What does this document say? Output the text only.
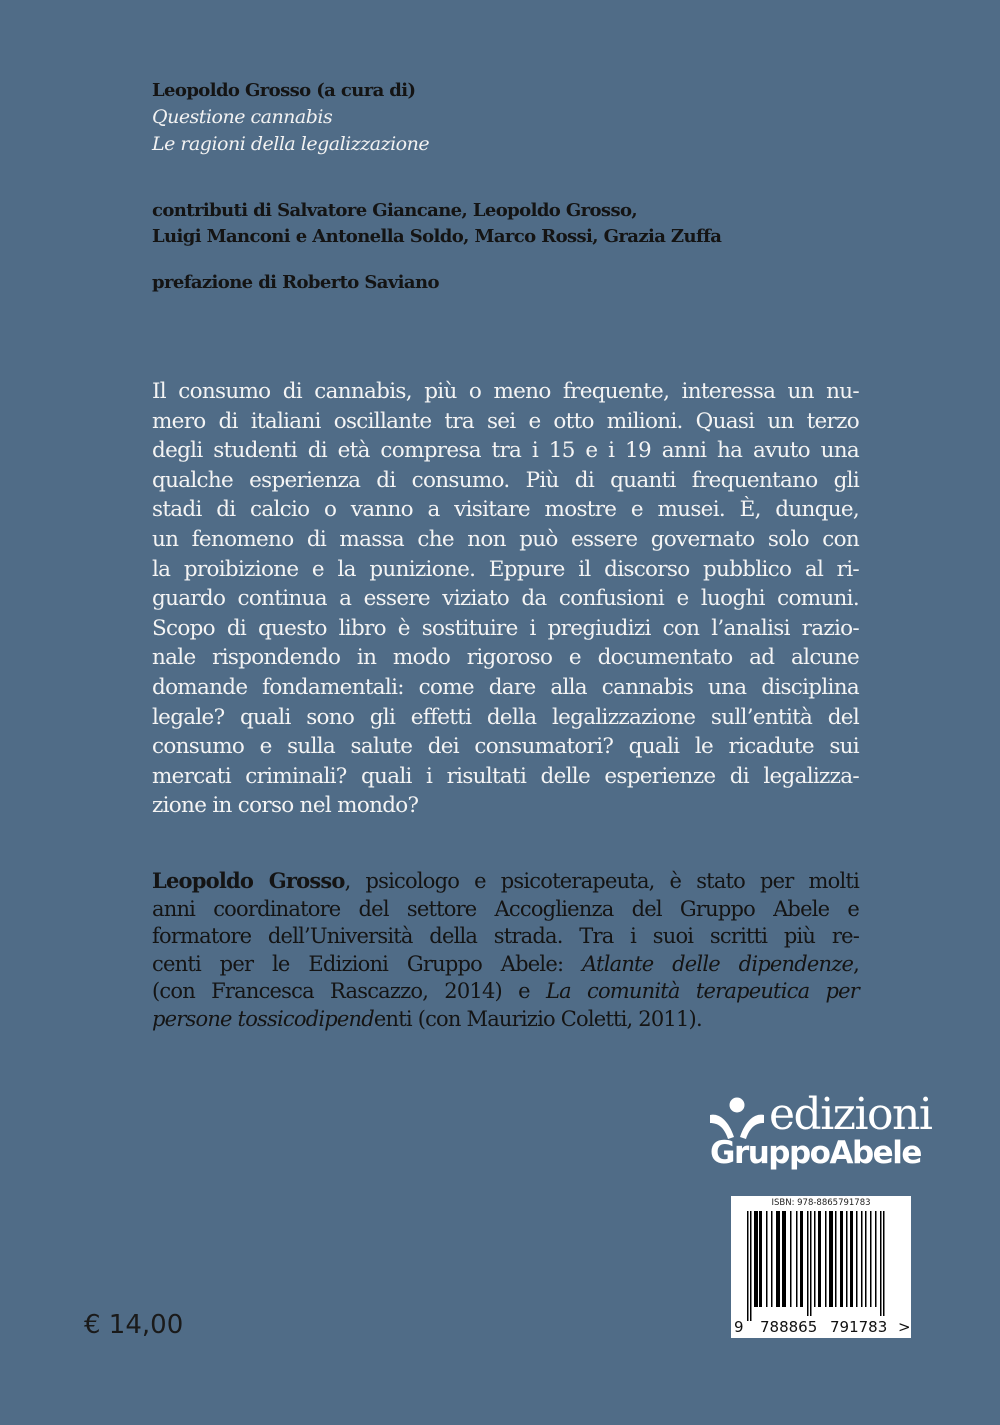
Leopoldo Grosso (a cura di)
Questione cannabis
Le ragioni della legalizzazione
contributi di Salvatore Giancane, Leopoldo Grosso,
Luigi Manconi e Antonella Soldo, Marco Rossi, Grazia Zuffa
prefazione di Roberto Saviano
Il consumo di cannabis, più o meno frequente, interessa un nu-
mero di italiani oscillante tra sei e otto milioni. Quasi un terzo
degli studenti di età compresa tra i 15 e i 19 anni ha avuto una
qualche esperienza di consumo. Più di quanti frequentano gli
stadi di calcio o vanno a visitare mostre e musei. È, dunque,
un fenomeno di massa che non può essere governato solo con
la proibizione e la punizione. Eppure il discorso pubblico al ri-
guardo continua a essere viziato da confusioni e luoghi comuni.
Scopo di questo libro è sostituire i pregiudizi con l’analisi razio-
nale rispondendo in modo rigoroso e documentato ad alcune
domande fondamentali: come dare alla cannabis una disciplina
legale? quali sono gli effetti della legalizzazione sull’entità del
consumo e sulla salute dei consumatori? quali le ricadute sui
mercati criminali? quali i risultati delle esperienze di legalizza-
zione in corso nel mondo?
Leopoldo Grosso, psicologo e psicoterapeuta, è stato per molti
anni coordinatore del settore Accoglienza del Gruppo Abele e
formatore dell’Università della strada. Tra i suoi scritti più re-
centi per le Edizioni Gruppo Abele: Atlante delle dipendenze,
(con Francesca Rascazzo, 2014) e La comunità terapeutica per
persone tossicodipendenti (con Maurizio Coletti, 2011).
edizioni
GruppoAbele
ISBN: 978-8865791783
9 788865 791783 >
€ 14,00
